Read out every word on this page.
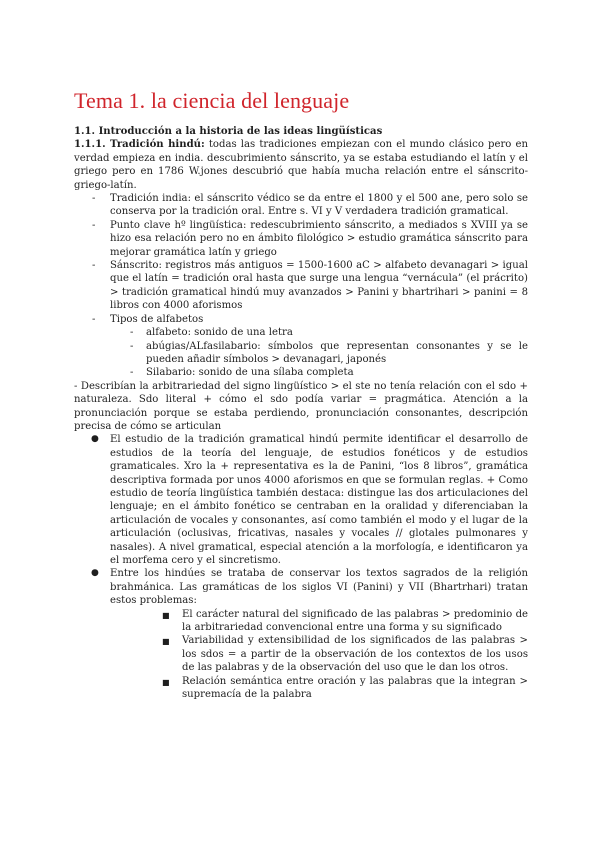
Tema 1. la ciencia del lenguaje

1.1. Introducción a la historia de las ideas lingüísticas

1.1.1. Tradición hindú: todas las tradiciones empiezan con el mundo clásico pero en verdad empieza en india. descubrimiento sánscrito, ya se estaba estudiando el latín y el griego pero en 1786 W.jones descubrió que había mucha relación entre el sánscrito-griego-latín.

- Tradición india: el sánscrito védico se da entre el 1800 y el 500 ane, pero solo se conserva por la tradición oral. Entre s. VI y V verdadera tradición gramatical.
- Punto clave hº lingüística: redescubrimiento sánscrito, a mediados s XVIII ya se hizo esa relación pero no en ámbito filológico > estudio gramática sánscrito para mejorar gramática latín y griego
- Sánscrito: registros más antiguos = 1500-1600 aC > alfabeto devanagari > igual que el latín = tradición oral hasta que surge una lengua “vernácula” (el prácrito) > tradición gramatical hindú muy avanzados > Panini y bhartrihari > panini = 8 libros con 4000 aforismos
- Tipos de alfabetos
- alfabeto: sonido de una letra
- abúgias/ALfasilabario: símbolos que representan consonantes y se le pueden añadir símbolos > devanagari, japonés
- Silabario: sonido de una sílaba completa

- Describían la arbitrariedad del signo lingüístico > el ste no tenía relación con el sdo + naturaleza. Sdo literal + cómo el sdo podía variar = pragmática. Atención a la pronunciación porque se estaba perdiendo, pronunciación consonantes, descripción precisa de cómo se articulan

● El estudio de la tradición gramatical hindú permite identificar el desarrollo de estudios de la teoría del lenguaje, de estudios fonéticos y de estudios gramaticales. Xro la + representativa es la de Panini, “los 8 libros”, gramática descriptiva formada por unos 4000 aforismos en que se formulan reglas. + Como estudio de teoría lingüística también destaca: distingue las dos articulaciones del lenguaje; en el ámbito fonético se centraban en la oralidad y diferenciaban la articulación de vocales y consonantes, así como también el modo y el lugar de la articulación (oclusivas, fricativas, nasales y vocales // glotales pulmonares y nasales). A nivel gramatical, especial atención a la morfología, e identificaron ya el morfema cero y el sincretismo.
● Entre los hindúes se trataba de conservar los textos sagrados de la religión brahmánica. Las gramáticas de los siglos VI (Panini) y VII (Bhartrhari) tratan estos problemas:
■ El carácter natural del significado de las palabras > predominio de la arbitrariedad convencional entre una forma y su significado
■ Variabilidad y extensibilidad de los significados de las palabras > los sdos = a partir de la observación de los contextos de los usos de las palabras y de la observación del uso que le dan los otros.
■ Relación semántica entre oración y las palabras que la integran > supremacía de la palabra
